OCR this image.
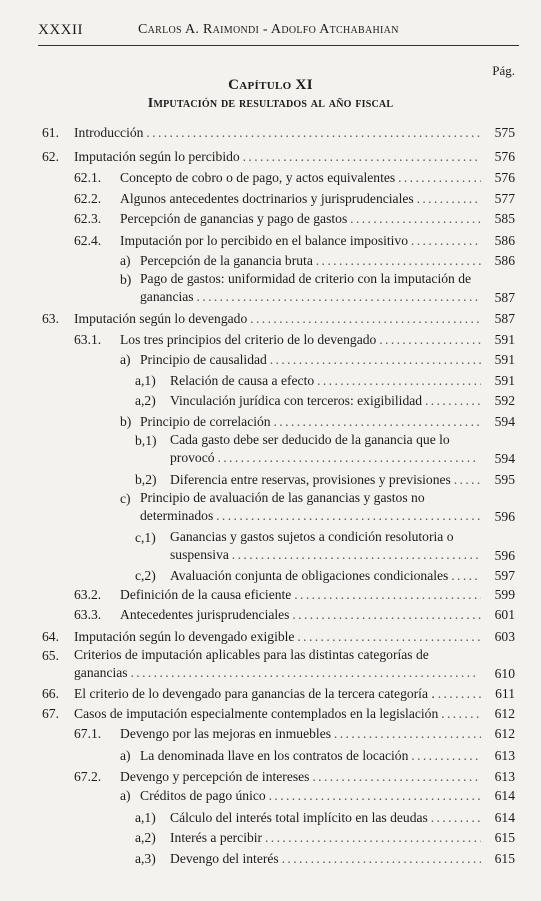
XXXII	Carlos A. Raimondi - Adolfo Atchabahian
Pág.
Capítulo XI
Imputación de resultados al año fiscal
61. Introducción . . .	575
62. Imputación según lo percibido . . .	576
62.1. Concepto de cobro o de pago, y actos equivalentes . . .	576
62.2. Algunos antecedentes doctrinarios y jurisprudenciales . . .	577
62.3. Percepción de ganancias y pago de gastos . . .	585
62.4. Imputación por lo percibido en el balance impositivo . . .	586
a) Percepción de la ganancia bruta . . .	586
b) Pago de gastos: uniformidad de criterio con la imputación de ganancias . . .	587
63. Imputación según lo devengado . . .	587
63.1. Los tres principios del criterio de lo devengado . . .	591
a) Principio de causalidad . . .	591
a,1) Relación de causa a efecto . . .	591
a,2) Vinculación jurídica con terceros: exigibilidad . . .	592
b) Principio de correlación . . .	594
b,1) Cada gasto debe ser deducido de la ganancia que lo provocó . . .	594
b,2) Diferencia entre reservas, provisiones y previsiones . . .	595
c) Principio de avaluación de las ganancias y gastos no determinados . . .	596
c,1) Ganancias y gastos sujetos a condición resolutoria o suspensiva . . .	596
c,2) Avaluación conjunta de obligaciones condicionales . . .	597
63.2. Definición de la causa eficiente . . .	599
63.3. Antecedentes jurisprudenciales . . .	601
64. Imputación según lo devengado exigible . . .	603
65. Criterios de imputación aplicables para las distintas categorías de ganancias . . .	610
66. El criterio de lo devengado para ganancias de la tercera categoría . . . .	611
67. Casos de imputación especialmente contemplados en la legislación . . .	612
67.1. Devengo por las mejoras en inmuebles . . .	612
a) La denominada llave en los contratos de locación . . .	613
67.2. Devengo y percepción de intereses . . .	613
a) Créditos de pago único . . .	614
a,1) Cálculo del interés total implícito en las deudas . . .	614
a,2) Interés a percibir . . .	615
a,3) Devengo del interés . . .	615
